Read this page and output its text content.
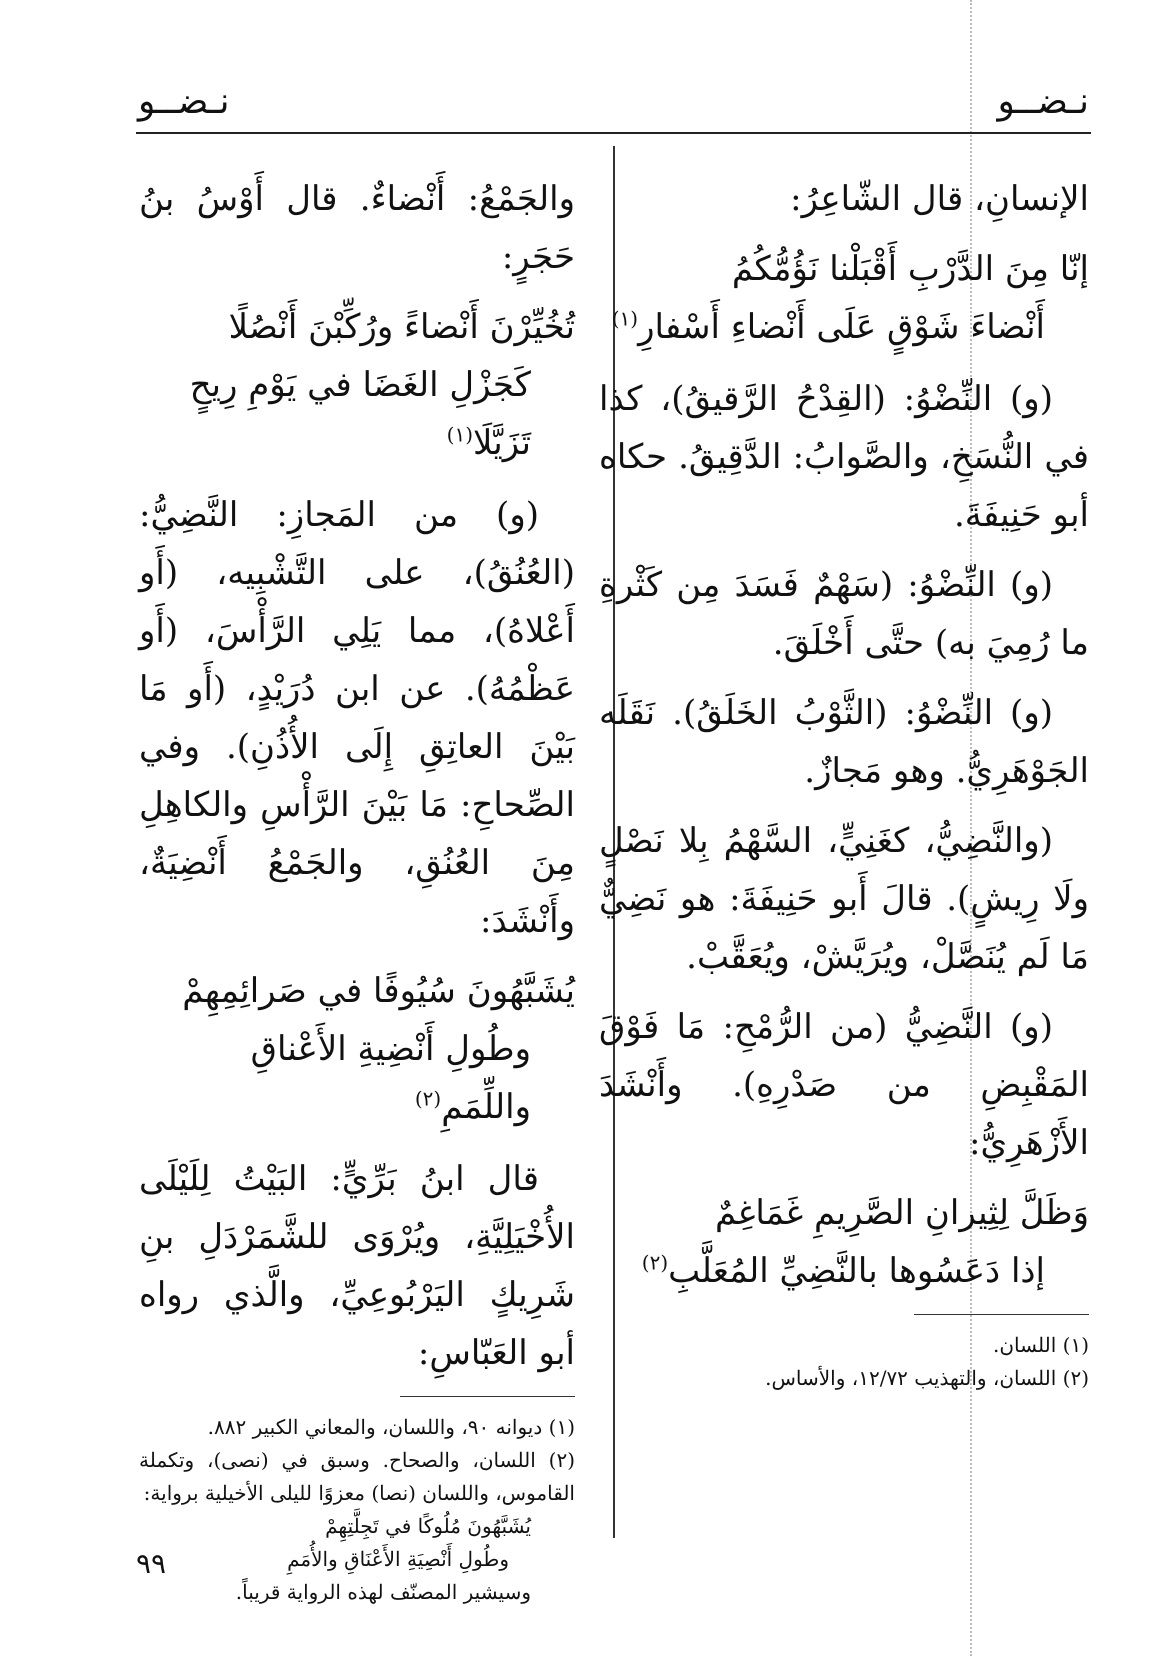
نـضــو
نـضــو

الإنسانِ، قال الشّاعِرُ:

إنّا مِنَ الدَّرْبِ أَقْبَلْنا نَؤُمُّكُمُ

أَنْضاءَ شَوْقٍ عَلَى أَنْضاءِ أَسْفارِ$^{(١)}$

(و) النِّضْوُ: (القِدْحُ الرَّقيقُ)، كذا في النُّسَخِ، والصَّوابُ: الدَّقِيقُ. حكاه أبو حَنِيفَةَ.

(و) النِّضْوُ: (سَهْمٌ فَسَدَ مِن كَثْرةِ ما رُمِيَ به) حتَّى أَخْلَقَ.

(و) النِّضْوُ: (الثَّوْبُ الخَلَقُ). نَقَلَه الجَوْهَرِيُّ. وهو مَجازٌ.

(والنَّضِيُّ، كغَنِيٍّ، السَّهْمُ بِلا نَصْلٍ ولَا رِيشٍ). قالَ أَبو حَنِيفَةَ: هو نَضِيٌّ مَا لَم يُنَصَّلْ، ويُرَيَّشْ، ويُعَقَّبْ.

(و) النَّضِيُّ (من الرُّمْحِ: مَا فَوْقَ المَقْبِضِ من صَدْرِهِ). وأَنْشَدَ الأَزْهَرِيُّ:

وَظَلَّ لِثِيرانِ الصَّرِيمِ غَمَاغِمٌ

إذا دَعَسُوها بالنَّضِيِّ المُعَلَّبِ$^{(٢)}$

(١) اللسان.

(٢) اللسان، والتهذيب ١٢/٧٢، والأساس.

والجَمْعُ: أَنْضاءٌ. قال أَوْسُ بنُ حَجَرٍ:

تُخُيِّرْنَ أَنْضاءً ورُكِّبْنَ أَنْصُلًا

كَجَزْلِ الغَضَا في يَوْمِ رِيحٍ تَزَيَّلَا$^{(١)}$

(و) من المَجازِ: النَّضِيُّ: (العُنُقُ)، على التَّشْبِيه، (أَو أَعْلاهُ)، مما يَلِي الرَّأْسَ، (أَو عَظْمُهُ). عن ابن دُرَيْدٍ، (أَو مَا بَيْنَ العاتِقِ إِلَى الأُذُنِ). وفي الصِّحاحِ: مَا بَيْنَ الرَّأْسِ والكاهِلِ مِنَ العُنُقِ، والجَمْعُ أَنْضِيَةٌ، وأَنْشَدَ:

يُشَبَّهُونَ سُيُوفًا في صَرائِمِهِمْ

وطُولِ أَنْضِيةِ الأَعْناقِ واللِّمَمِ$^{(٢)}$

قال ابنُ بَرِّيٍّ: البَيْتُ لِلَيْلَى الأُخْيَلِيَّةِ، ويُرْوَى للشَّمَرْدَلِ بنِ شَرِيكٍ اليَرْبُوعِيِّ، والَّذي رواه أبو العَبّاسِ:

(١) ديوانه ٩٠، واللسان، والمعاني الكبير ٨٨٢.

(٢) اللسان، والصحاح. وسبق في (نصى)، وتكملة القاموس، واللسان (نصا) معزوًا لليلى الأخيلية برواية:

يُشَبَّهُونَ مُلُوكًا في تَجِلَّتِهِمْ

وطُولِ أَنْصِيَةِ الأَعْنَاقِ والأُمَمِ

وسيشير المصنّف لهذه الرواية قريباً.

٩٩
